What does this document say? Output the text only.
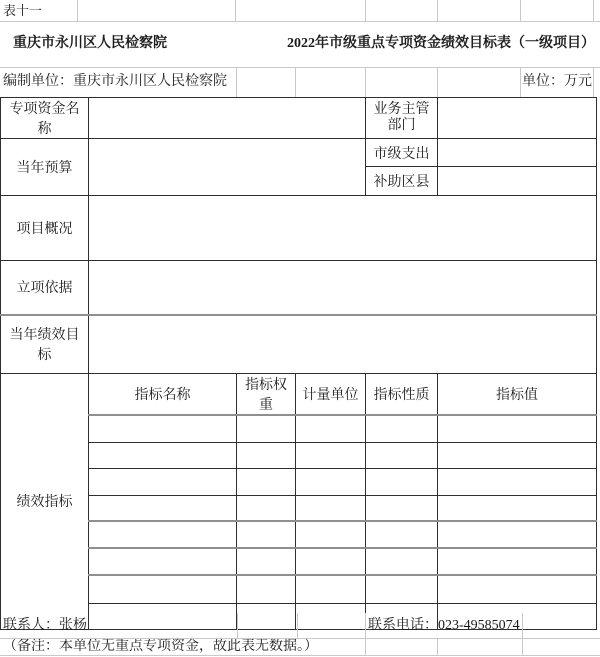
表十一
重庆市永川区人民检察院	2022年市级重点专项资金绩效目标表（一级项目）
编制单位：重庆市永川区人民检察院	单位：万元
专项资金名称				业务主管部门	
当年预算				市级支出	
				补助区县	
项目概况					
立项依据					
当年绩效目标					
绩效指标	指标名称	指标权重	计量单位	指标性质	指标值

联系人：张杨	联系电话：023-49585074
（备注：本单位无重点专项资金，故此表无数据。）
